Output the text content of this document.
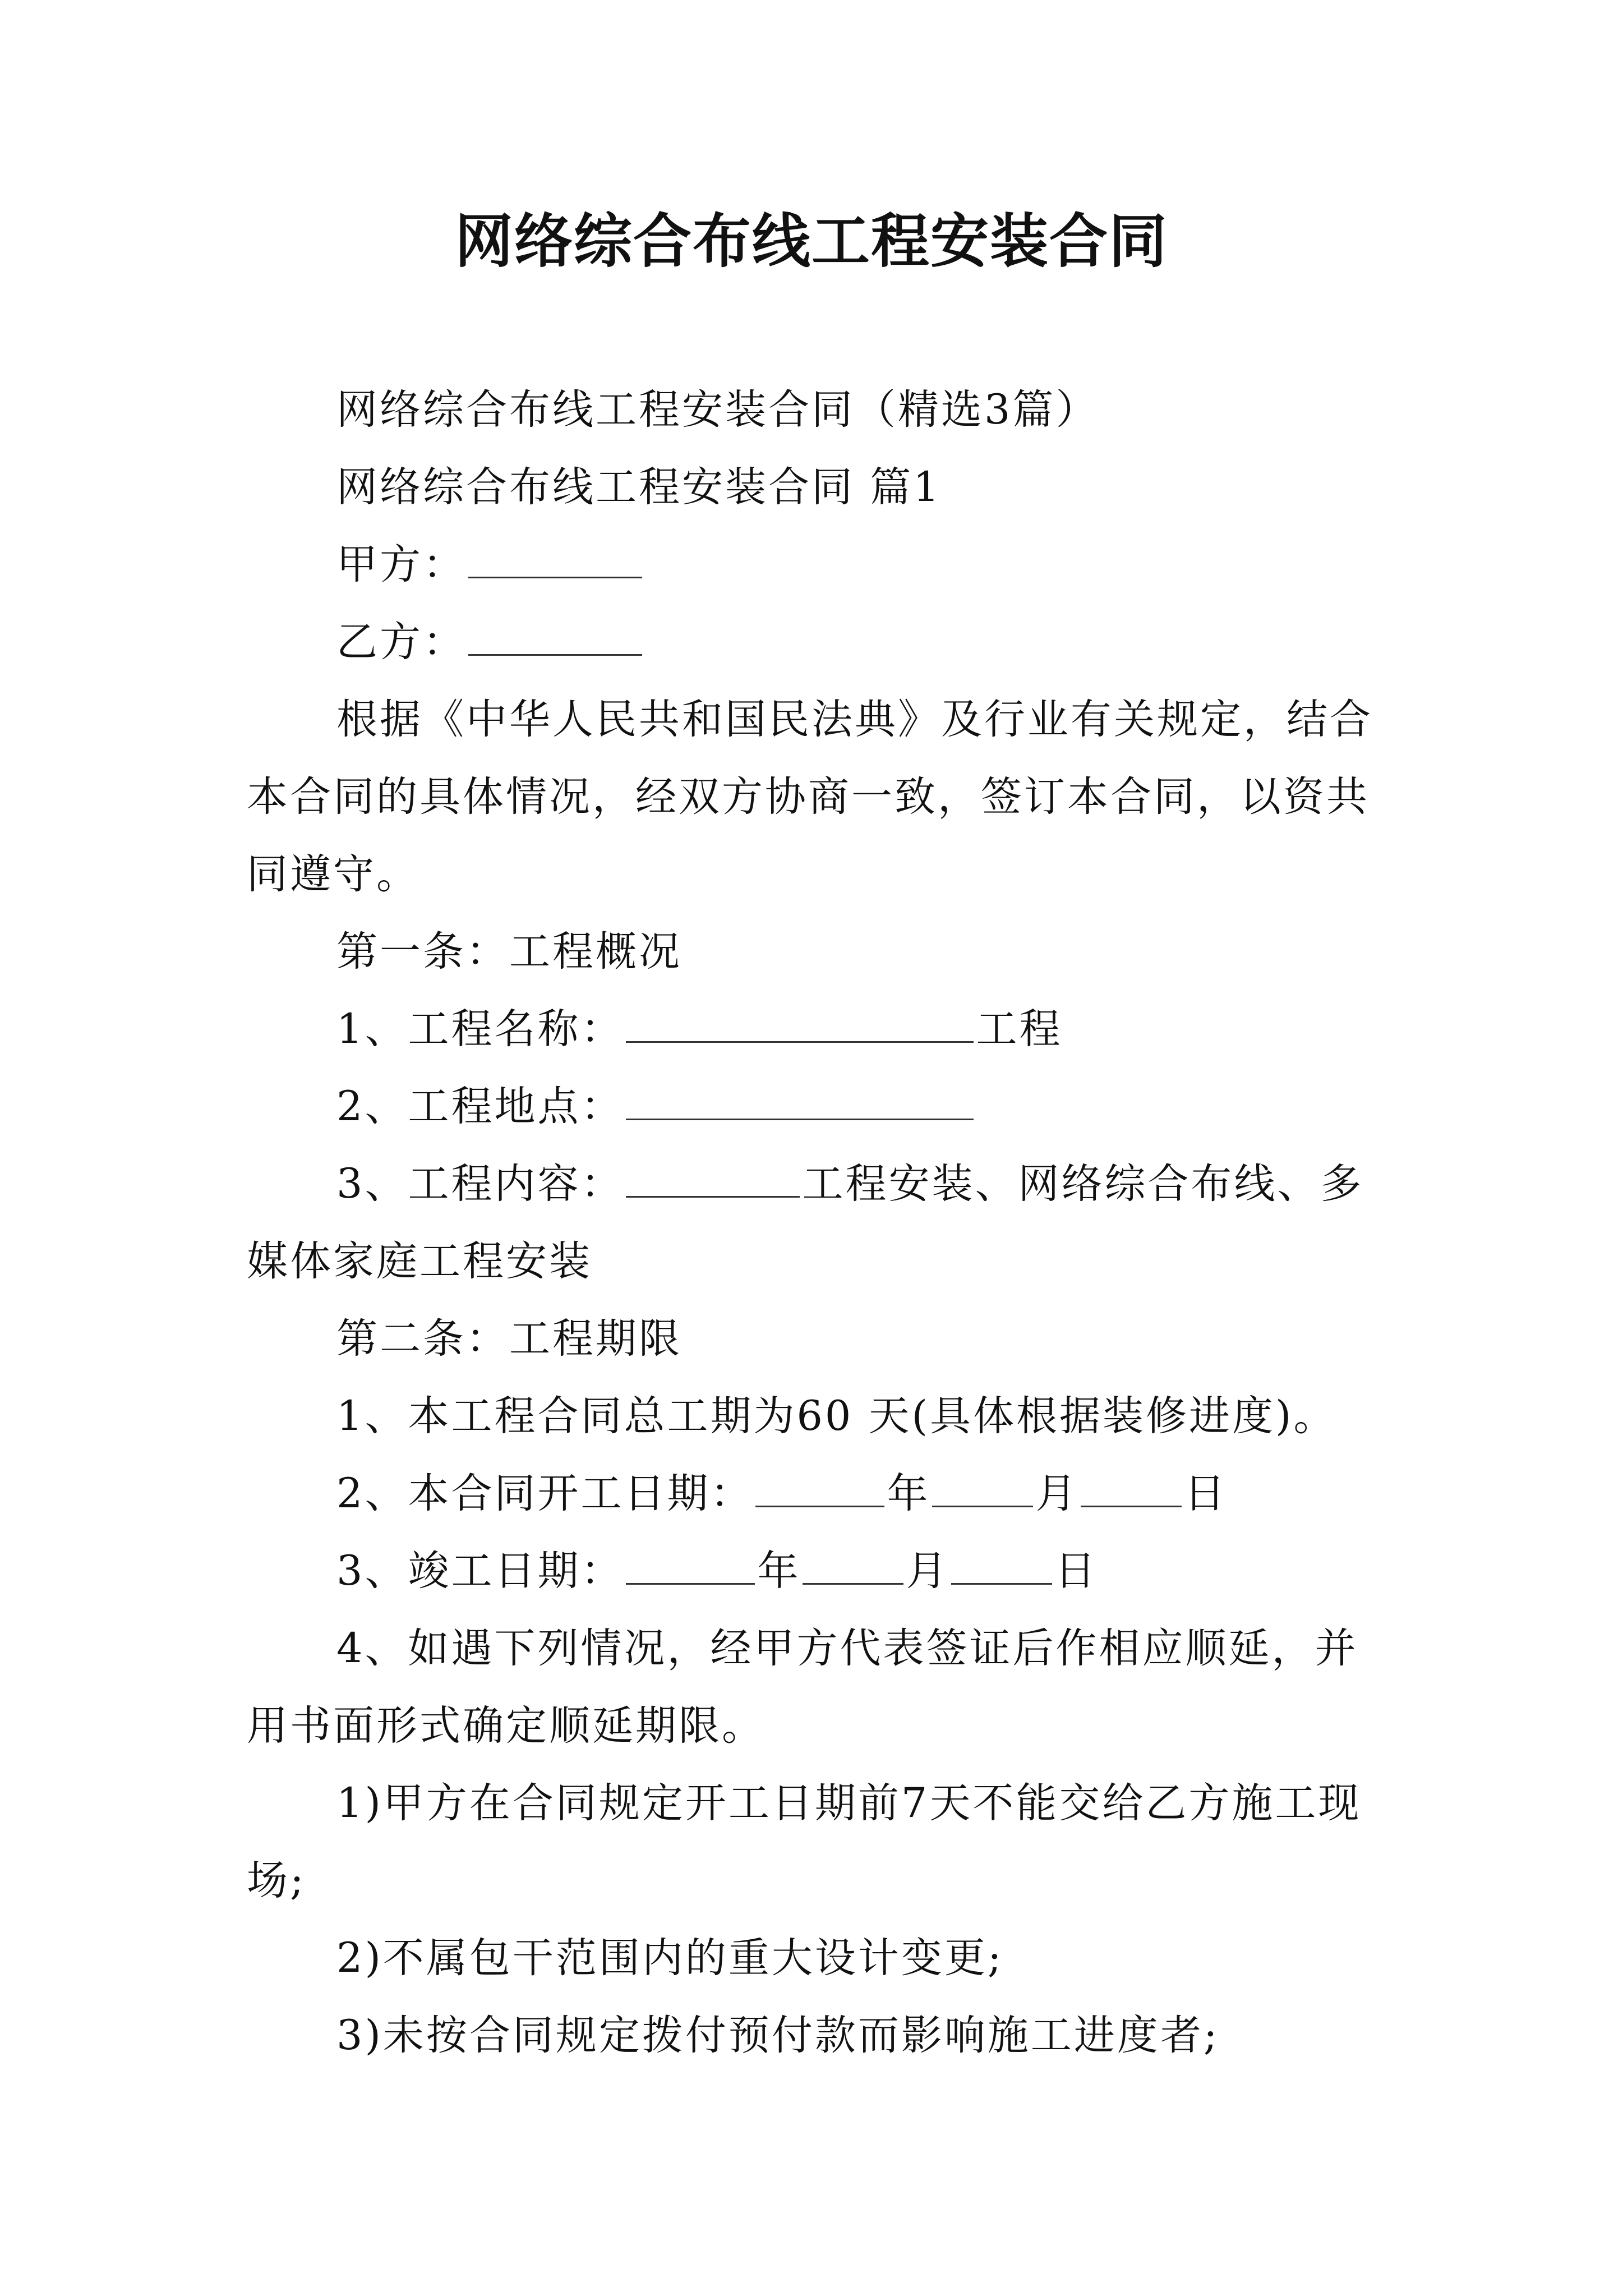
网络综合布线工程安装合同

网络综合布线工程安装合同（精选3篇）

网络综合布线工程安装合同 篇1

甲方：

乙方：

根据《中华人民共和国民法典》及行业有关规定，结合本合同的具体情况，经双方协商一致，签订本合同，以资共同遵守。

第一条：工程概况

1、工程名称：	工程

2、工程地点：

3、工程内容：	工程安装、网络综合布线、多媒体家庭工程安装

第二条：工程期限

1、本工程合同总工期为60 天(具体根据装修进度)。

2、本合同开工日期：	年	月	日

3、竣工日期：	年	月	日

4、如遇下列情况，经甲方代表签证后作相应顺延，并用书面形式确定顺延期限。

1)甲方在合同规定开工日期前7天不能交给乙方施工现场;

2)不属包干范围内的重大设计变更;

3)未按合同规定拨付预付款而影响施工进度者;
